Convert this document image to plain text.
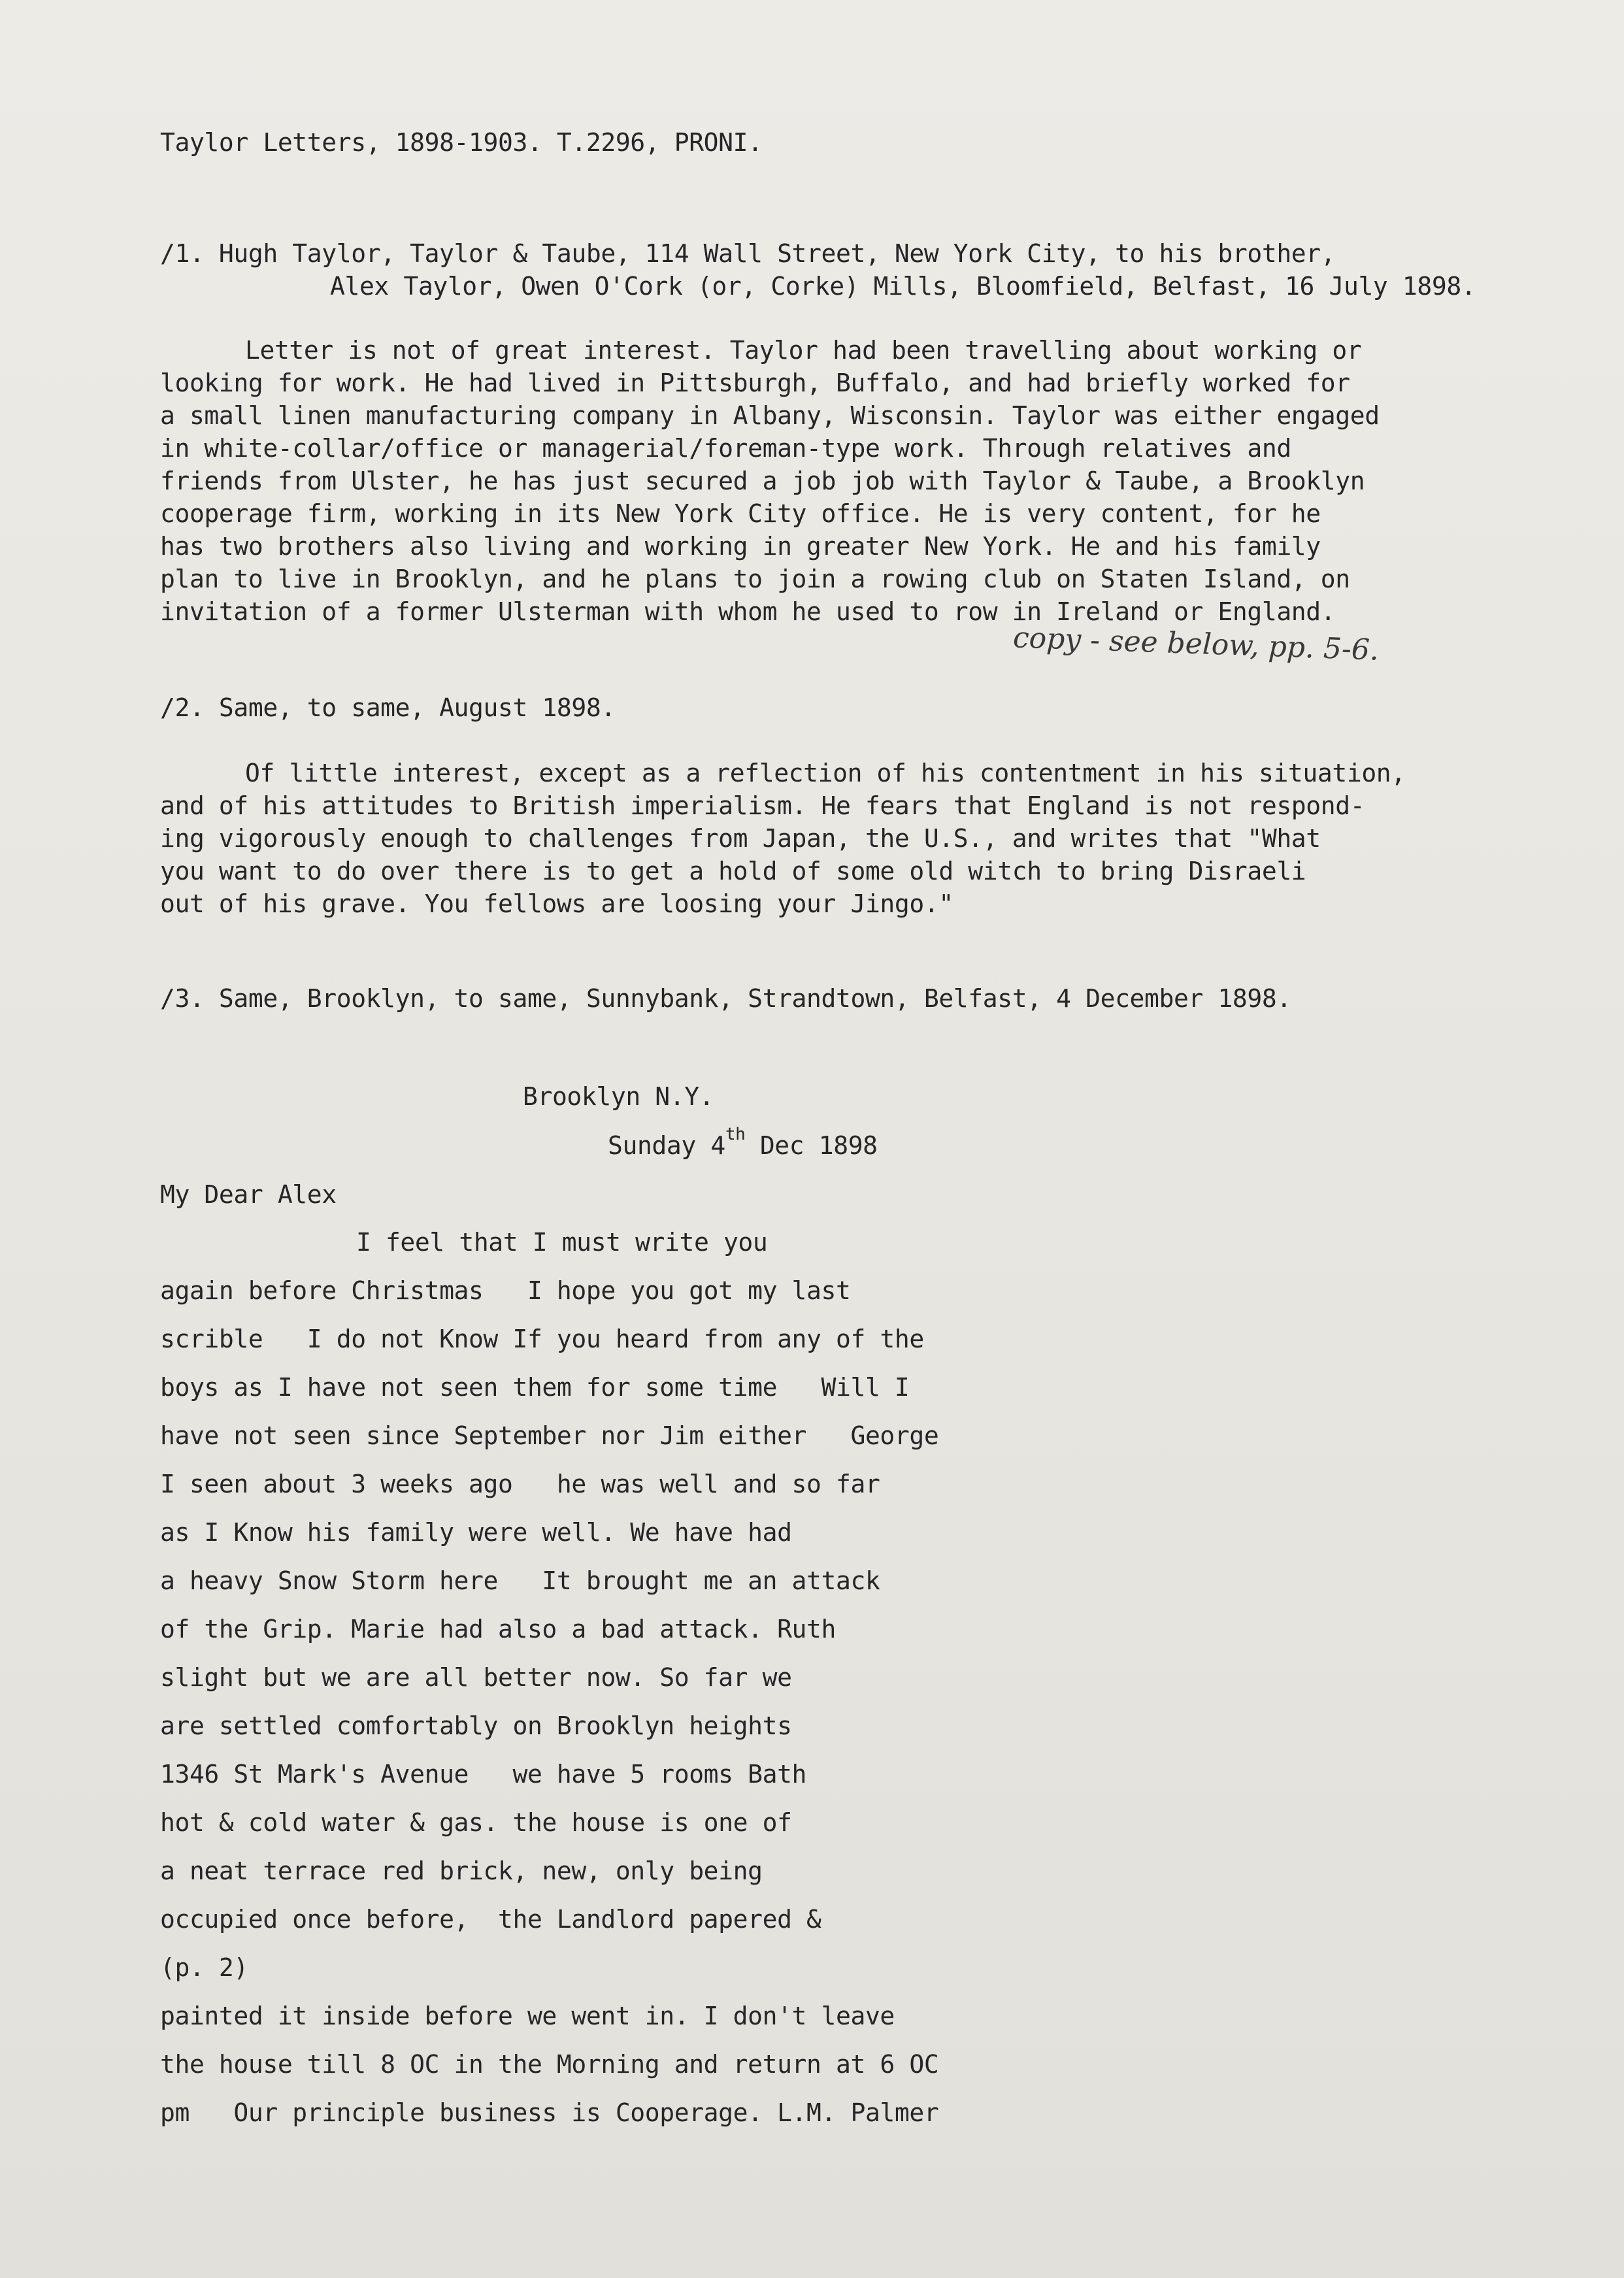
Taylor Letters, 1898-1903. T.2296, PRONI.
/1. Hugh Taylor, Taylor & Taube, 114 Wall Street, New York City, to his brother,
Alex Taylor, Owen O'Cork (or, Corke) Mills, Bloomfield, Belfast, 16 July 1898.
Letter is not of great interest. Taylor had been travelling about working or
looking for work. He had lived in Pittsburgh, Buffalo, and had briefly worked for
a small linen manufacturing company in Albany, Wisconsin. Taylor was either engaged
in white-collar/office or managerial/foreman-type work. Through relatives and
friends from Ulster, he has just secured a job job with Taylor & Taube, a Brooklyn
cooperage firm, working in its New York City office. He is very content, for he
has two brothers also living and working in greater New York. He and his family
plan to live in Brooklyn, and he plans to join a rowing club on Staten Island, on
invitation of a former Ulsterman with whom he used to row in Ireland or England.
copy - see below, pp. 5-6.
/2. Same, to same, August 1898.
Of little interest, except as a reflection of his contentment in his situation,
and of his attitudes to British imperialism. He fears that England is not respond-
ing vigorously enough to challenges from Japan, the U.S., and writes that "What
you want to do over there is to get a hold of some old witch to bring Disraeli
out of his grave. You fellows are loosing your Jingo."
/3. Same, Brooklyn, to same, Sunnybank, Strandtown, Belfast, 4 December 1898.
Brooklyn N.Y.
Sunday 4th Dec 1898
My Dear Alex
I feel that I must write you
again before Christmas   I hope you got my last
scrible   I do not Know If you heard from any of the
boys as I have not seen them for some time   Will I
have not seen since September nor Jim either   George
I seen about 3 weeks ago   he was well and so far
as I Know his family were well. We have had
a heavy Snow Storm here   It brought me an attack
of the Grip. Marie had also a bad attack. Ruth
slight but we are all better now. So far we
are settled comfortably on Brooklyn heights
1346 St Mark's Avenue   we have 5 rooms Bath
hot & cold water & gas. the house is one of
a neat terrace red brick, new, only being
occupied once before,  the Landlord papered &
(p. 2)
painted it inside before we went in. I don't leave
the house till 8 OC in the Morning and return at 6 OC
pm   Our principle business is Cooperage. L.M. Palmer
